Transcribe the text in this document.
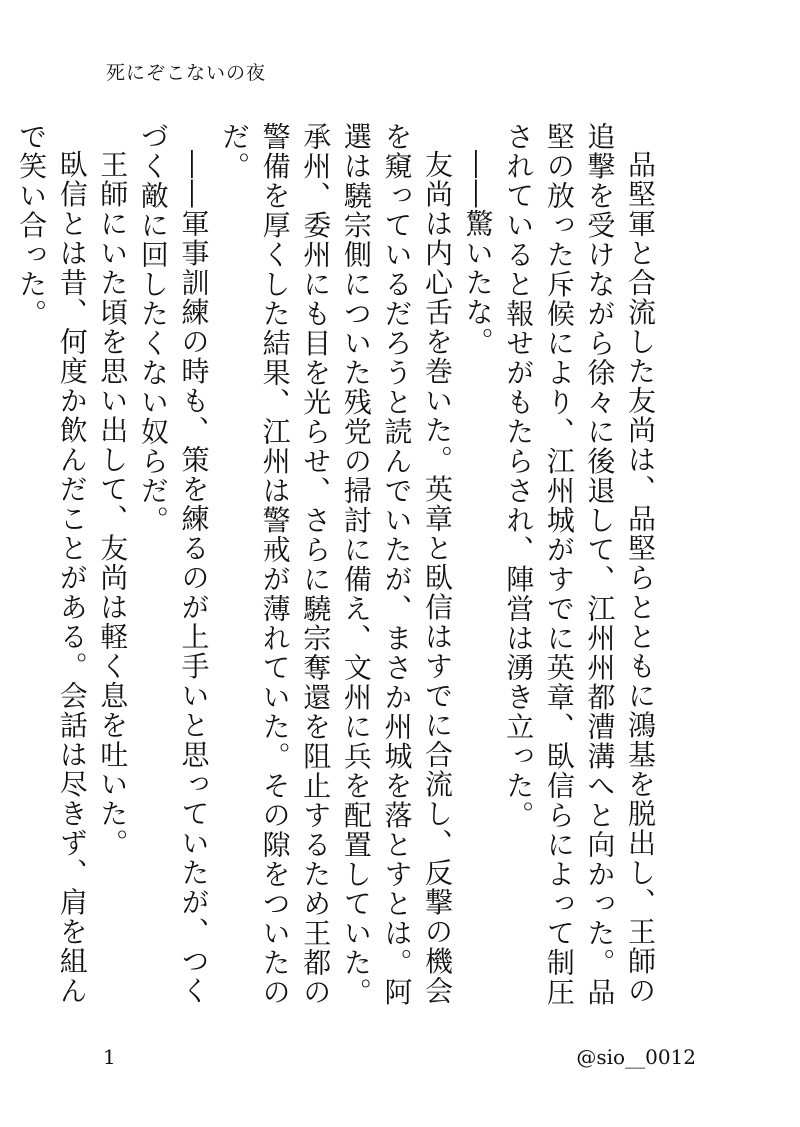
死にぞこないの夜

品堅軍と合流した友尚は、品堅らとともに鴻基を脱出し、王師の追撃を受けながら徐々に後退して、江州州都漕溝へと向かった。品堅の放った斥候により、江州城がすでに英章、臥信らによって制圧されていると報せがもたらされ、陣営は湧き立った。

――驚いたな。

友尚は内心舌を巻いた。英章と臥信はすでに合流し、反撃の機会を窺っているだろうと読んでいたが、まさか州城を落とすとは。阿選は驍宗側についた残党の掃討に備え、文州に兵を配置していた。承州、委州にも目を光らせ、さらに驍宗奪還を阻止するため王都の警備を厚くした結果、江州は警戒が薄れていた。その隙をついたのだ。

――軍事訓練の時も、策を練るのが上手いと思っていたが、つくづく敵に回したくない奴らだ。

王師にいた頃を思い出して、友尚は軽く息を吐いた。

臥信とは昔、何度か飲んだことがある。会話は尽きず、肩を組んで笑い合った。

1	@sio__0012
